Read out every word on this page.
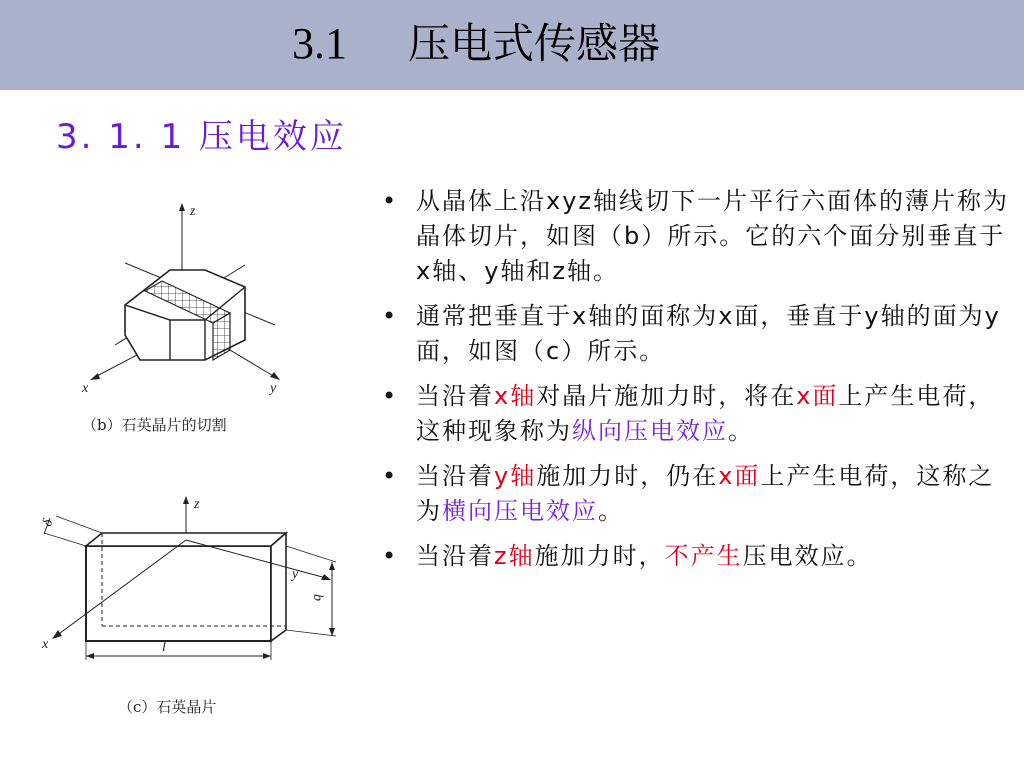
3.1 压电式传感器
3. 1. 1 压电效应
z
x	y
（b）石英晶片的切割
z
y
x
δ
b
l
（c）石英晶片
• 从晶体上沿xyz轴线切下一片平行六面体的薄片称为晶体切片，如图（b）所示。它的六个面分别垂直于x轴、y轴和z轴。
• 通常把垂直于x轴的面称为x面，垂直于y轴的面为y面，如图（c）所示。
• 当沿着x轴对晶片施加力时，将在x面上产生电荷，这种现象称为纵向压电效应。
• 当沿着y轴施加力时，仍在x面上产生电荷，这称之为横向压电效应。
• 当沿着z轴施加力时，不产生压电效应。
